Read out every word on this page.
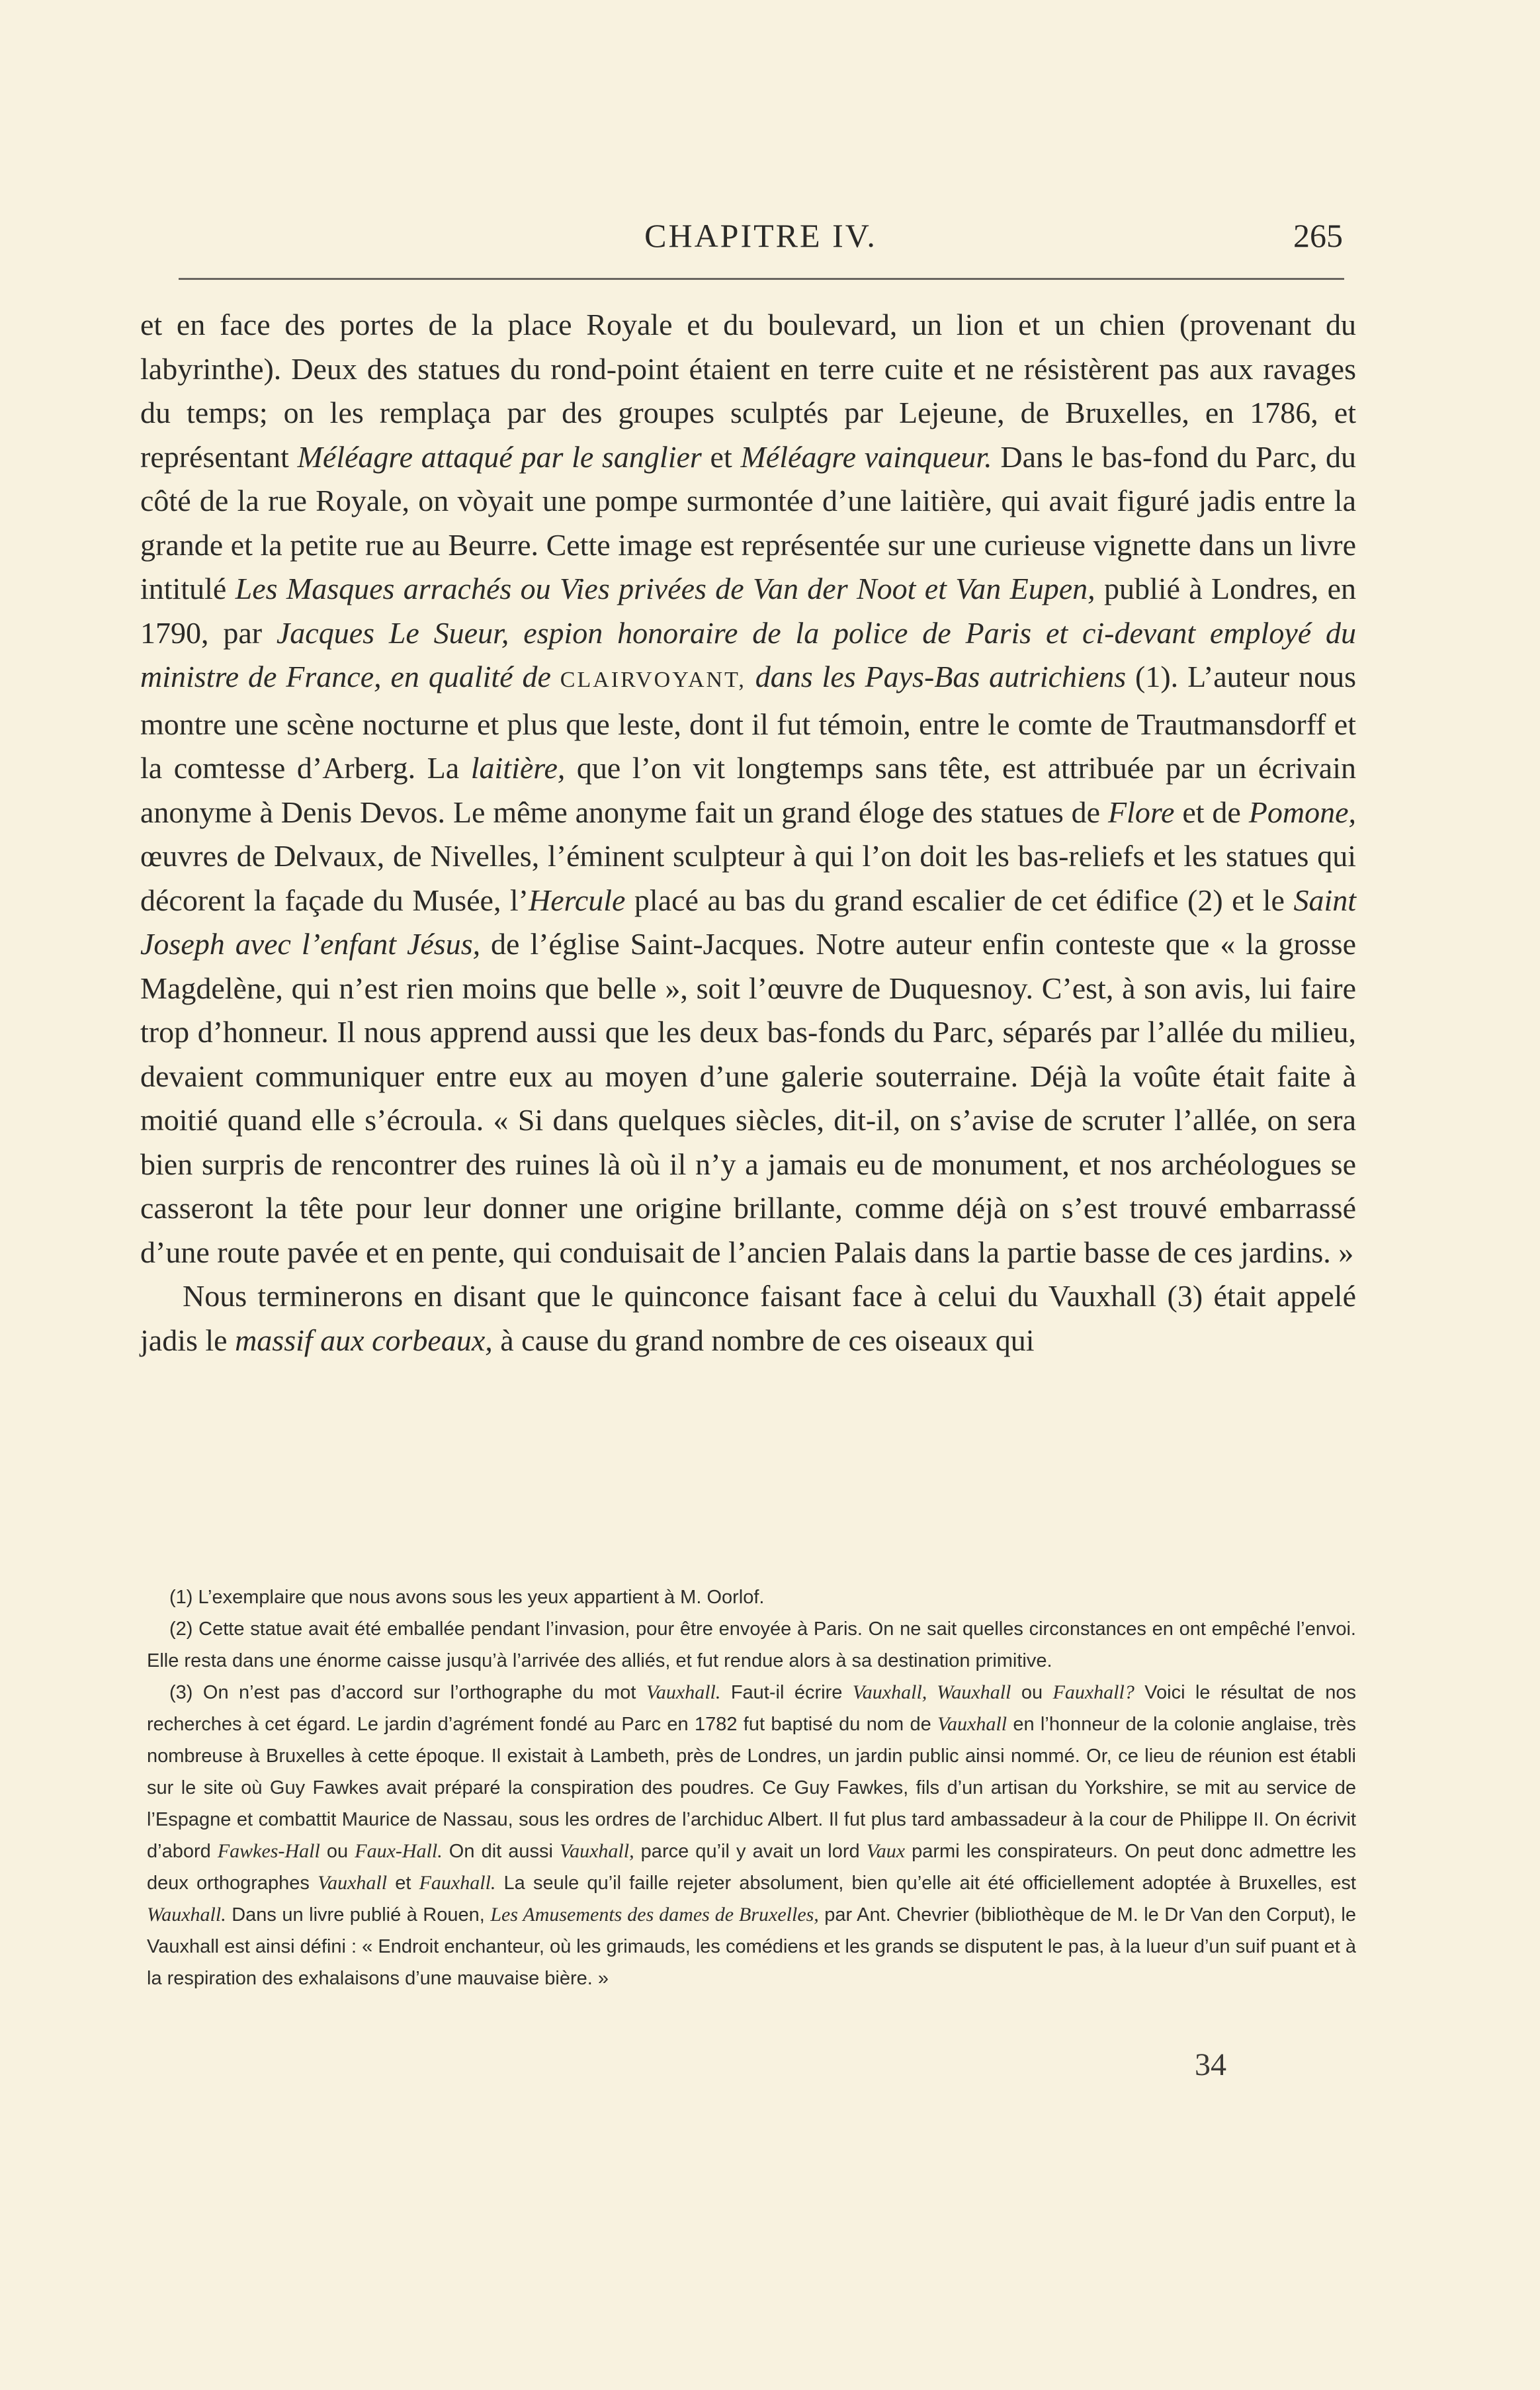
CHAPITRE IV.	265

et en face des portes de la place Royale et du boulevard, un lion et un chien (provenant du labyrinthe). Deux des statues du rond-point étaient en terre cuite et ne résistèrent pas aux ravages du temps; on les remplaça par des groupes sculptés par Lejeune, de Bruxelles, en 1786, et représentant Méléagre attaqué par le sanglier et Méléagre vainqueur. Dans le bas-fond du Parc, du côté de la rue Royale, on vòyait une pompe surmontée d’une laitière, qui avait figuré jadis entre la grande et la petite rue au Beurre. Cette image est représentée sur une curieuse vignette dans un livre intitulé Les Masques arrachés ou Vies privées de Van der Noot et Van Eupen, publié à Londres, en 1790, par Jacques Le Sueur, espion honoraire de la police de Paris et ci-devant employé du ministre de France, en qualité de CLAIRVOYANT, dans les Pays-Bas autrichiens (1). L’auteur nous montre une scène nocturne et plus que leste, dont il fut témoin, entre le comte de Trautmansdorff et la comtesse d’Arberg. La laitière, que l’on vit longtemps sans tête, est attribuée par un écrivain anonyme à Denis Devos. Le même anonyme fait un grand éloge des statues de Flore et de Pomone, œuvres de Delvaux, de Nivelles, l’éminent sculpteur à qui l’on doit les bas-reliefs et les statues qui décorent la façade du Musée, l’Hercule placé au bas du grand escalier de cet édifice (2) et le Saint Joseph avec l’enfant Jésus, de l’église Saint-Jacques. Notre auteur enfin conteste que « la grosse Magdelène, qui n’est rien moins que belle », soit l’œuvre de Duquesnoy. C’est, à son avis, lui faire trop d’honneur. Il nous apprend aussi que les deux bas-fonds du Parc, séparés par l’allée du milieu, devaient communiquer entre eux au moyen d’une galerie souterraine. Déjà la voûte était faite à moitié quand elle s’écroula. « Si dans quelques siècles, dit-il, on s’avise de scruter l’allée, on sera bien surpris de rencontrer des ruines là où il n’y a jamais eu de monument, et nos archéologues se casseront la tête pour leur donner une origine brillante, comme déjà on s’est trouvé embarrassé d’une route pavée et en pente, qui conduisait de l’ancien Palais dans la partie basse de ces jardins. »

Nous terminerons en disant que le quinconce faisant face à celui du Vauxhall (3) était appelé jadis le massif aux corbeaux, à cause du grand nombre de ces oiseaux qui

(1) L’exemplaire que nous avons sous les yeux appartient à M. Oorlof.

(2) Cette statue avait été emballée pendant l’invasion, pour être envoyée à Paris. On ne sait quelles circonstances en ont empêché l’envoi. Elle resta dans une énorme caisse jusqu’à l’arrivée des alliés, et fut rendue alors à sa destination primitive.

(3) On n’est pas d’accord sur l’orthographe du mot Vauxhall. Faut-il écrire Vauxhall, Wauxhall ou Fauxhall? Voici le résultat de nos recherches à cet égard. Le jardin d’agrément fondé au Parc en 1782 fut baptisé du nom de Vauxhall en l’honneur de la colonie anglaise, très nombreuse à Bruxelles à cette époque. Il existait à Lambeth, près de Londres, un jardin public ainsi nommé. Or, ce lieu de réunion est établi sur le site où Guy Fawkes avait préparé la conspiration des poudres. Ce Guy Fawkes, fils d’un artisan du Yorkshire, se mit au service de l’Espagne et combattit Maurice de Nassau, sous les ordres de l’archiduc Albert. Il fut plus tard ambassadeur à la cour de Philippe II. On écrivit d’abord Fawkes-Hall ou Faux-Hall. On dit aussi Vauxhall, parce qu’il y avait un lord Vaux parmi les conspirateurs. On peut donc admettre les deux orthographes Vauxhall et Fauxhall. La seule qu’il faille rejeter absolument, bien qu’elle ait été officiellement adoptée à Bruxelles, est Wauxhall. Dans un livre publié à Rouen, Les Amusements des dames de Bruxelles, par Ant. Chevrier (bibliothèque de M. le Dr Van den Corput), le Vauxhall est ainsi défini : « Endroit enchanteur, où les grimauds, les comédiens et les grands se disputent le pas, à la lueur d’un suif puant et à la respiration des exhalaisons d’une mauvaise bière. »

34
